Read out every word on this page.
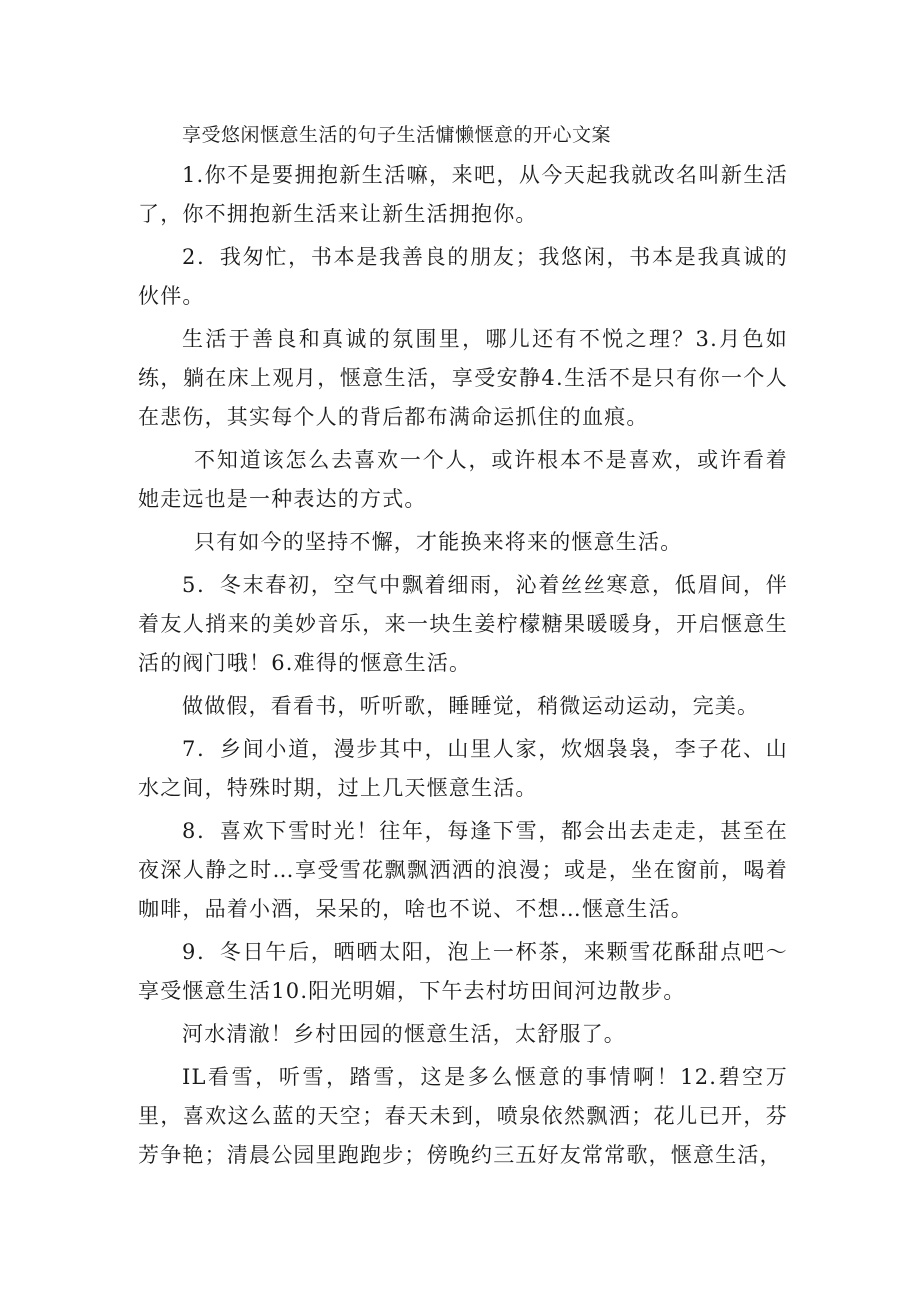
享受悠闲惬意生活的句子生活慵懒惬意的开心文案

1.你不是要拥抱新生活嘛，来吧，从今天起我就改名叫新生活了，你不拥抱新生活来让新生活拥抱你。

2．我匆忙，书本是我善良的朋友；我悠闲，书本是我真诚的伙伴。

生活于善良和真诚的氛围里，哪儿还有不悦之理？3.月色如练，躺在床上观月，惬意生活，享受安静4.生活不是只有你一个人在悲伤，其实每个人的背后都布满命运抓住的血痕。

不知道该怎么去喜欢一个人，或许根本不是喜欢，或许看着她走远也是一种表达的方式。

只有如今的坚持不懈，才能换来将来的惬意生活。

5．冬末春初，空气中飘着细雨，沁着丝丝寒意，低眉间，伴着友人捎来的美妙音乐，来一块生姜柠檬糖果暖暖身，开启惬意生活的阀门哦！6.难得的惬意生活。

做做假，看看书，听听歌，睡睡觉，稍微运动运动，完美。

7．乡间小道，漫步其中，山里人家，炊烟袅袅，李子花、山水之间，特殊时期，过上几天惬意生活。

8．喜欢下雪时光！往年，每逢下雪，都会出去走走，甚至在夜深人静之时…享受雪花飘飘洒洒的浪漫；或是，坐在窗前，喝着咖啡，品着小酒，呆呆的，啥也不说、不想…惬意生活。

9．冬日午后，晒晒太阳，泡上一杯茶，来颗雪花酥甜点吧～享受惬意生活10.阳光明媚，下午去村坊田间河边散步。

河水清澈！乡村田园的惬意生活，太舒服了。

IL看雪，听雪，踏雪，这是多么惬意的事情啊！12.碧空万里，喜欢这么蓝的天空；春天未到，喷泉依然飘洒；花儿已开，芬芳争艳；清晨公园里跑跑步；傍晚约三五好友常常歌，惬意生活，
